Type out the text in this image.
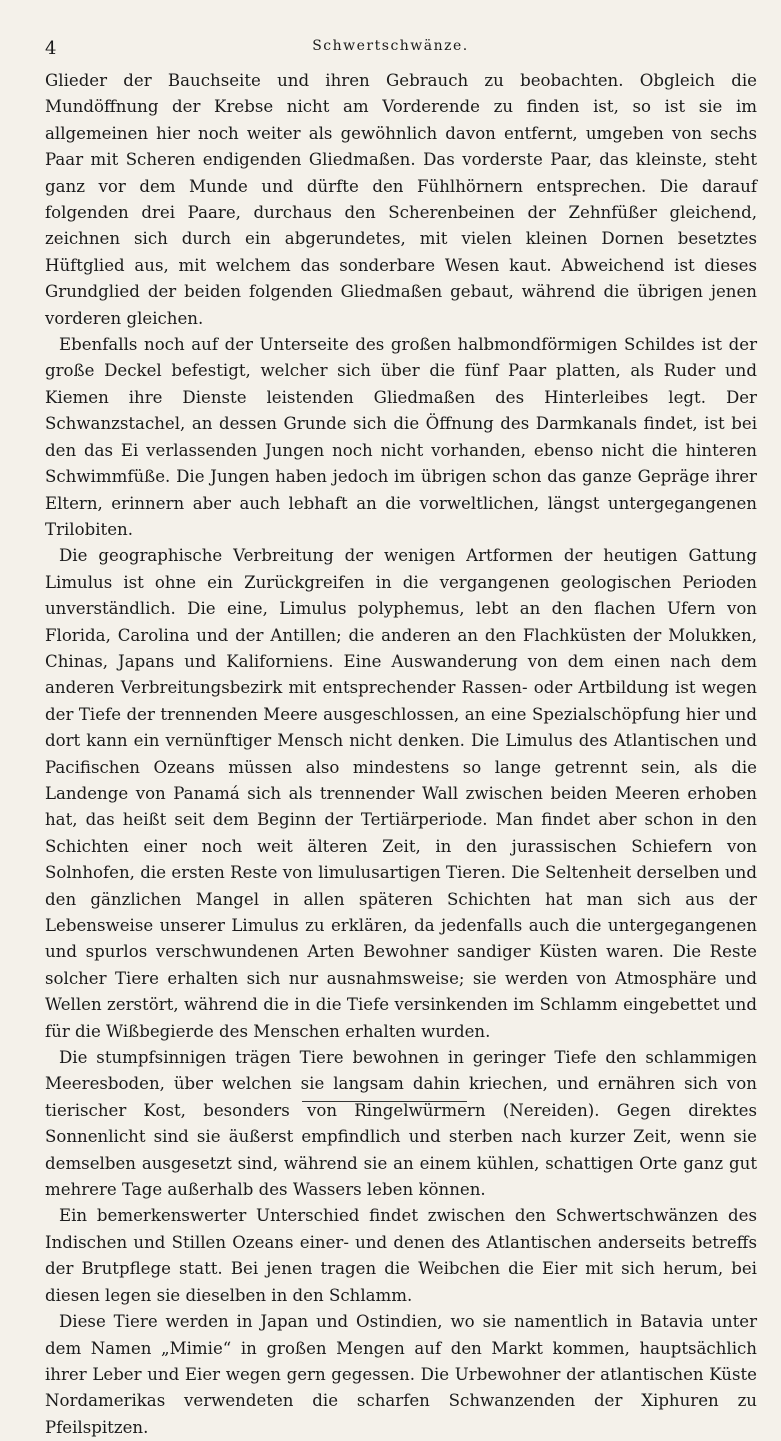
4	Schwertschwänze.

Glieder der Bauchseite und ihren Gebrauch zu beobachten. Obgleich die Mundöffnung der Krebse nicht am Vorderende zu finden ist, so ist sie im allgemeinen hier noch weiter als gewöhnlich davon entfernt, umgeben von sechs Paar mit Scheren endigenden Gliedmaßen. Das vorderste Paar, das kleinste, steht ganz vor dem Munde und dürfte den Fühlhörnern entsprechen. Die darauf folgenden drei Paare, durchaus den Scherenbeinen der Zehnfüßer gleichend, zeichnen sich durch ein abgerundetes, mit vielen kleinen Dornen besetztes Hüftglied aus, mit welchem das sonderbare Wesen kaut. Abweichend ist dieses Grundglied der beiden folgenden Gliedmaßen gebaut, während die übrigen jenen vorderen gleichen.

Ebenfalls noch auf der Unterseite des großen halbmondförmigen Schildes ist der große Deckel befestigt, welcher sich über die fünf Paar platten, als Ruder und Kiemen ihre Dienste leistenden Gliedmaßen des Hinterleibes legt. Der Schwanzstachel, an dessen Grunde sich die Öffnung des Darmkanals findet, ist bei den das Ei verlassenden Jungen noch nicht vorhanden, ebenso nicht die hinteren Schwimmfüße. Die Jungen haben jedoch im übrigen schon das ganze Gepräge ihrer Eltern, erinnern aber auch lebhaft an die vorweltlichen, längst untergegangenen Trilobiten.

Die geographische Verbreitung der wenigen Artformen der heutigen Gattung Limulus ist ohne ein Zurückgreifen in die vergangenen geologischen Perioden unverständlich. Die eine, Limulus polyphemus, lebt an den flachen Ufern von Florida, Carolina und der Antillen; die anderen an den Flachküsten der Molukken, Chinas, Japans und Kaliforniens. Eine Auswanderung von dem einen nach dem anderen Verbreitungsbezirk mit entsprechender Rassen- oder Artbildung ist wegen der Tiefe der trennenden Meere ausgeschlossen, an eine Spezialschöpfung hier und dort kann ein vernünftiger Mensch nicht denken. Die Limulus des Atlantischen und Pacifischen Ozeans müssen also mindestens so lange getrennt sein, als die Landenge von Panamá sich als trennender Wall zwischen beiden Meeren erhoben hat, das heißt seit dem Beginn der Tertiärperiode. Man findet aber schon in den Schichten einer noch weit älteren Zeit, in den jurassischen Schiefern von Solnhofen, die ersten Reste von limulusartigen Tieren. Die Seltenheit derselben und den gänzlichen Mangel in allen späteren Schichten hat man sich aus der Lebensweise unserer Limulus zu erklären, da jedenfalls auch die untergegangenen und spurlos verschwundenen Arten Bewohner sandiger Küsten waren. Die Reste solcher Tiere erhalten sich nur ausnahmsweise; sie werden von Atmosphäre und Wellen zerstört, während die in die Tiefe versinkenden im Schlamm eingebettet und für die Wißbegierde des Menschen erhalten wurden.

Die stumpfsinnigen trägen Tiere bewohnen in geringer Tiefe den schlammigen Meeresboden, über welchen sie langsam dahin kriechen, und ernähren sich von tierischer Kost, besonders von Ringelwürmern (Nereiden). Gegen direktes Sonnenlicht sind sie äußerst empfindlich und sterben nach kurzer Zeit, wenn sie demselben ausgesetzt sind, während sie an einem kühlen, schattigen Orte ganz gut mehrere Tage außerhalb des Wassers leben können.

Ein bemerkenswerter Unterschied findet zwischen den Schwertschwänzen des Indischen und Stillen Ozeans einer- und denen des Atlantischen anderseits betreffs der Brutpflege statt. Bei jenen tragen die Weibchen die Eier mit sich herum, bei diesen legen sie dieselben in den Schlamm.

Diese Tiere werden in Japan und Ostindien, wo sie namentlich in Batavia unter dem Namen „Mimie“ in großen Mengen auf den Markt kommen, hauptsächlich ihrer Leber und Eier wegen gern gegessen. Die Urbewohner der atlantischen Küste Nordamerikas verwendeten die scharfen Schwanzenden der Xiphuren zu Pfeilspitzen.
